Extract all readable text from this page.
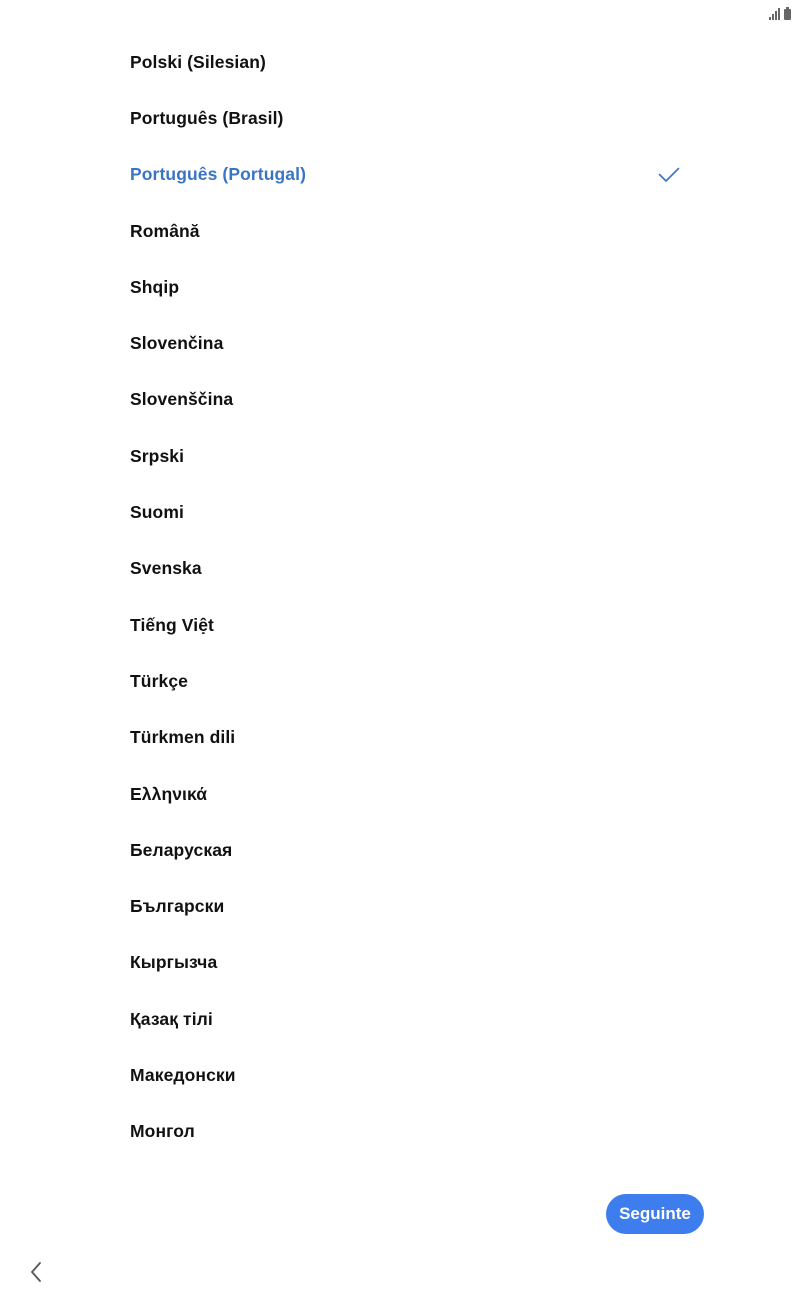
Polski (Silesian)
Português (Brasil)
Português (Portugal)
Română
Shqip
Slovenčina
Slovenščina
Srpski
Suomi
Svenska
Tiếng Việt
Türkçe
Türkmen dili
Ελληνικά
Беларуская
Български
Кыргызча
Қазақ тілі
Македонски
Монгол
Seguinte
